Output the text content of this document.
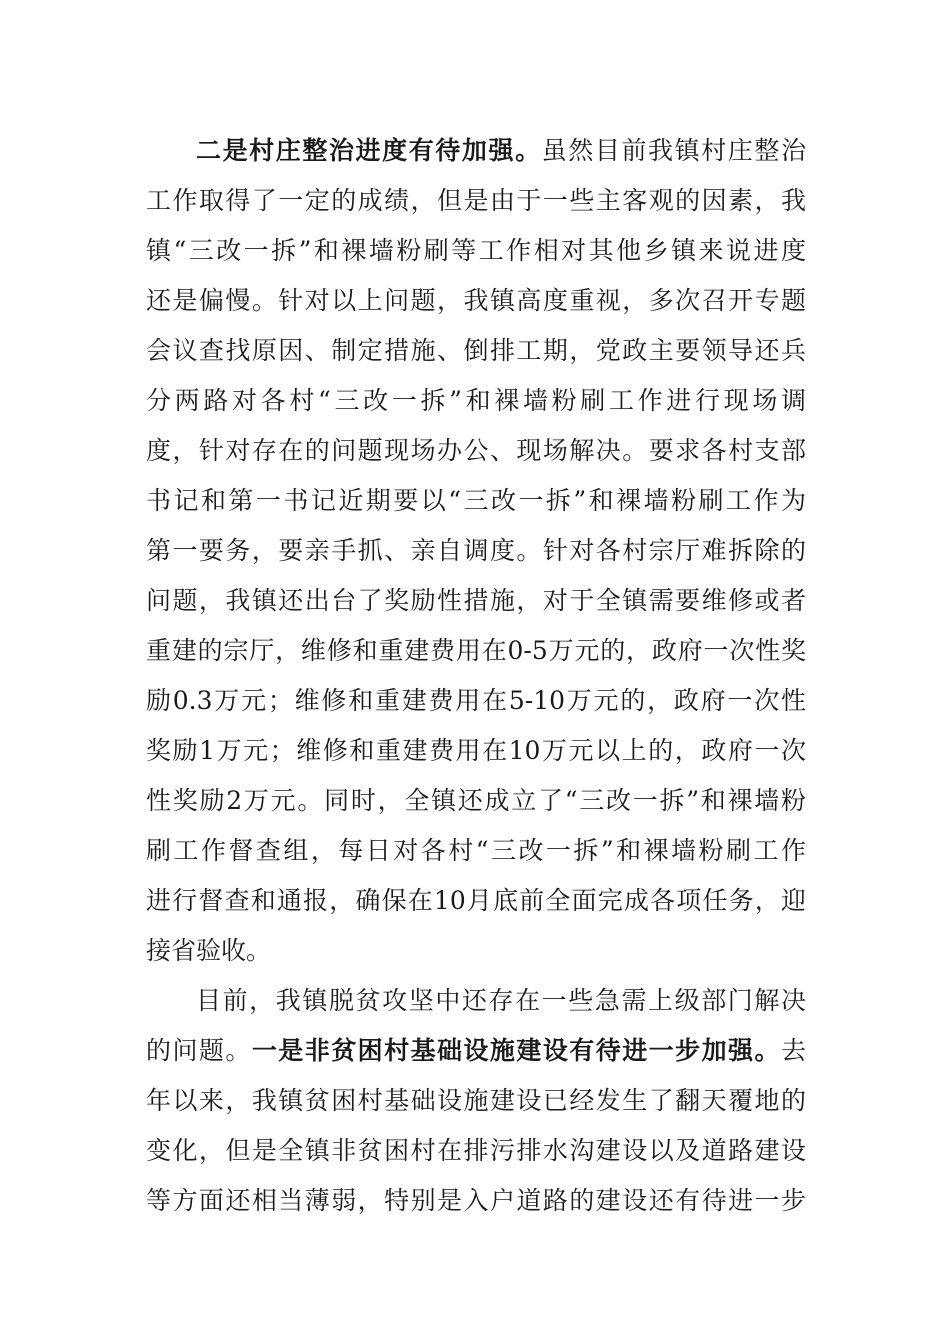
二是村庄整治进度有待加强。虽然目前我镇村庄整治
工作取得了一定的成绩，但是由于一些主客观的因素，我
镇“三改一拆”和裸墙粉刷等工作相对其他乡镇来说进度
还是偏慢。针对以上问题，我镇高度重视，多次召开专题
会议查找原因、制定措施、倒排工期，党政主要领导还兵
分两路对各村“三改一拆”和裸墙粉刷工作进行现场调
度，针对存在的问题现场办公、现场解决。要求各村支部
书记和第一书记近期要以“三改一拆”和裸墙粉刷工作为
第一要务，要亲手抓、亲自调度。针对各村宗厅难拆除的
问题，我镇还出台了奖励性措施，对于全镇需要维修或者
重建的宗厅，维修和重建费用在0-5万元的，政府一次性奖
励0.3万元；维修和重建费用在5-10万元的，政府一次性
奖励1万元；维修和重建费用在10万元以上的，政府一次
性奖励2万元。同时，全镇还成立了“三改一拆”和裸墙粉
刷工作督查组，每日对各村“三改一拆”和裸墙粉刷工作
进行督查和通报，确保在10月底前全面完成各项任务，迎
接省验收。
目前，我镇脱贫攻坚中还存在一些急需上级部门解决
的问题。一是非贫困村基础设施建设有待进一步加强。去
年以来，我镇贫困村基础设施建设已经发生了翻天覆地的
变化，但是全镇非贫困村在排污排水沟建设以及道路建设
等方面还相当薄弱，特别是入户道路的建设还有待进一步
